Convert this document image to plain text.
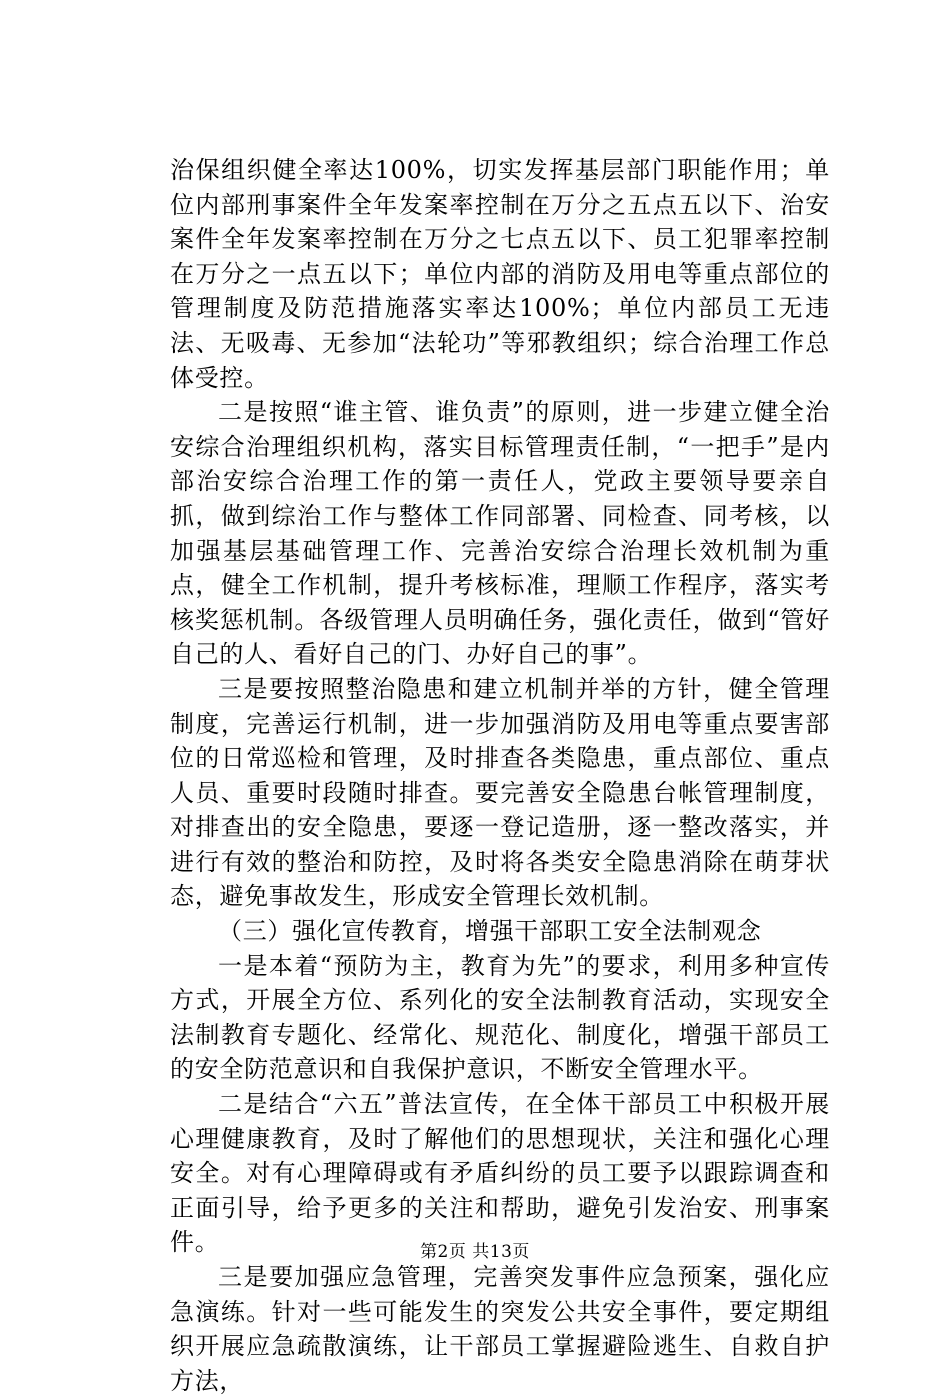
治保组织健全率达100%，切实发挥基层部门职能作用；单位内部刑事案件全年发案率控制在万分之五点五以下、治安案件全年发案率控制在万分之七点五以下、员工犯罪率控制在万分之一点五以下；单位内部的消防及用电等重点部位的管理制度及防范措施落实率达100%；单位内部员工无违法、无吸毒、无参加“法轮功”等邪教组织；综合治理工作总体受控。

二是按照“谁主管、谁负责”的原则，进一步建立健全治安综合治理组织机构，落实目标管理责任制，“一把手”是内部治安综合治理工作的第一责任人，党政主要领导要亲自抓，做到综治工作与整体工作同部署、同检查、同考核，以加强基层基础管理工作、完善治安综合治理长效机制为重点，健全工作机制，提升考核标准，理顺工作程序，落实考核奖惩机制。各级管理人员明确任务，强化责任，做到“管好自己的人、看好自己的门、办好自己的事”。

三是要按照整治隐患和建立机制并举的方针，健全管理制度，完善运行机制，进一步加强消防及用电等重点要害部位的日常巡检和管理，及时排查各类隐患，重点部位、重点人员、重要时段随时排查。要完善安全隐患台帐管理制度，对排查出的安全隐患，要逐一登记造册，逐一整改落实，并进行有效的整治和防控，及时将各类安全隐患消除在萌芽状态，避免事故发生，形成安全管理长效机制。

（三）强化宣传教育，增强干部职工安全法制观念

一是本着“预防为主，教育为先”的要求，利用多种宣传方式，开展全方位、系列化的安全法制教育活动，实现安全法制教育专题化、经常化、规范化、制度化，增强干部员工的安全防范意识和自我保护意识，不断安全管理水平。

二是结合“六五”普法宣传，在全体干部员工中积极开展心理健康教育，及时了解他们的思想现状，关注和强化心理安全。对有心理障碍或有矛盾纠纷的员工要予以跟踪调查和正面引导，给予更多的关注和帮助，避免引发治安、刑事案件。

三是要加强应急管理，完善突发事件应急预案，强化应急演练。针对一些可能发生的突发公共安全事件，要定期组织开展应急疏散演练，让干部员工掌握避险逃生、自救自护方法，

第2页 共13页
